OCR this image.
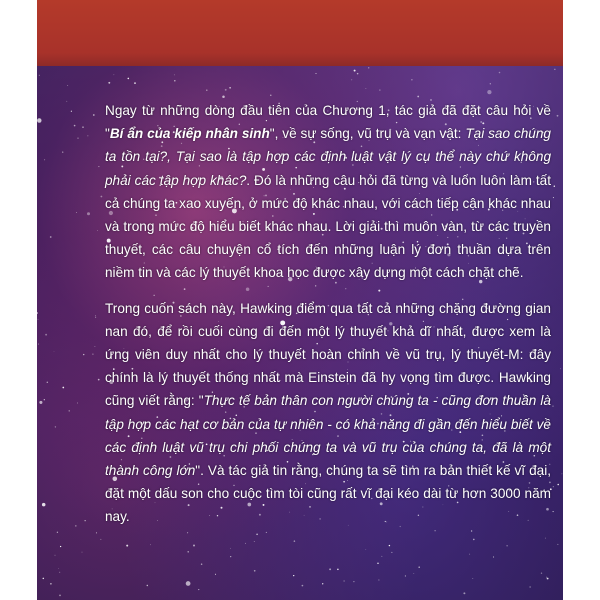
Ngay từ những dòng đầu tiên của Chương 1, tác giả đã đặt câu hỏi về "Bí ẩn của kiếp nhân sinh", về sự sống, vũ trụ và vạn vật: Tại sao chúng ta tồn tại?, Tại sao là tập hợp các định luật vật lý cụ thể này chứ không phải các tập hợp khác?. Đó là những câu hỏi đã từng và luôn luôn làm tất cả chúng ta xao xuyến, ở mức độ khác nhau, với cách tiếp cận khác nhau và trong mức độ hiểu biết khác nhau. Lời giải thì muôn vàn, từ các truyền thuyết, các câu chuyện cổ tích đến những luận lý đơn thuần dựa trên niềm tin và các lý thuyết khoa học được xây dựng một cách chặt chẽ.

Trong cuốn sách này, Hawking điểm qua tất cả những chặng đường gian nan đó, để rồi cuối cùng đi đến một lý thuyết khả dĩ nhất, được xem là ứng viên duy nhất cho lý thuyết hoàn chỉnh về vũ trụ, lý thuyết-M: đây chính là lý thuyết thống nhất mà Einstein đã hy vọng tìm được. Hawking cũng viết rằng: "Thực tế bản thân con người chúng ta - cũng đơn thuần là tập hợp các hạt cơ bản của tự nhiên - có khả năng đi gần đến hiểu biết về các định luật vũ trụ chi phối chúng ta và vũ trụ của chúng ta, đã là một thành công lớn". Và tác giả tin rằng, chúng ta sẽ tìm ra bản thiết kế vĩ đại, đặt một dấu son cho cuộc tìm tòi cũng rất vĩ đại kéo dài từ hơn 3000 năm nay.
